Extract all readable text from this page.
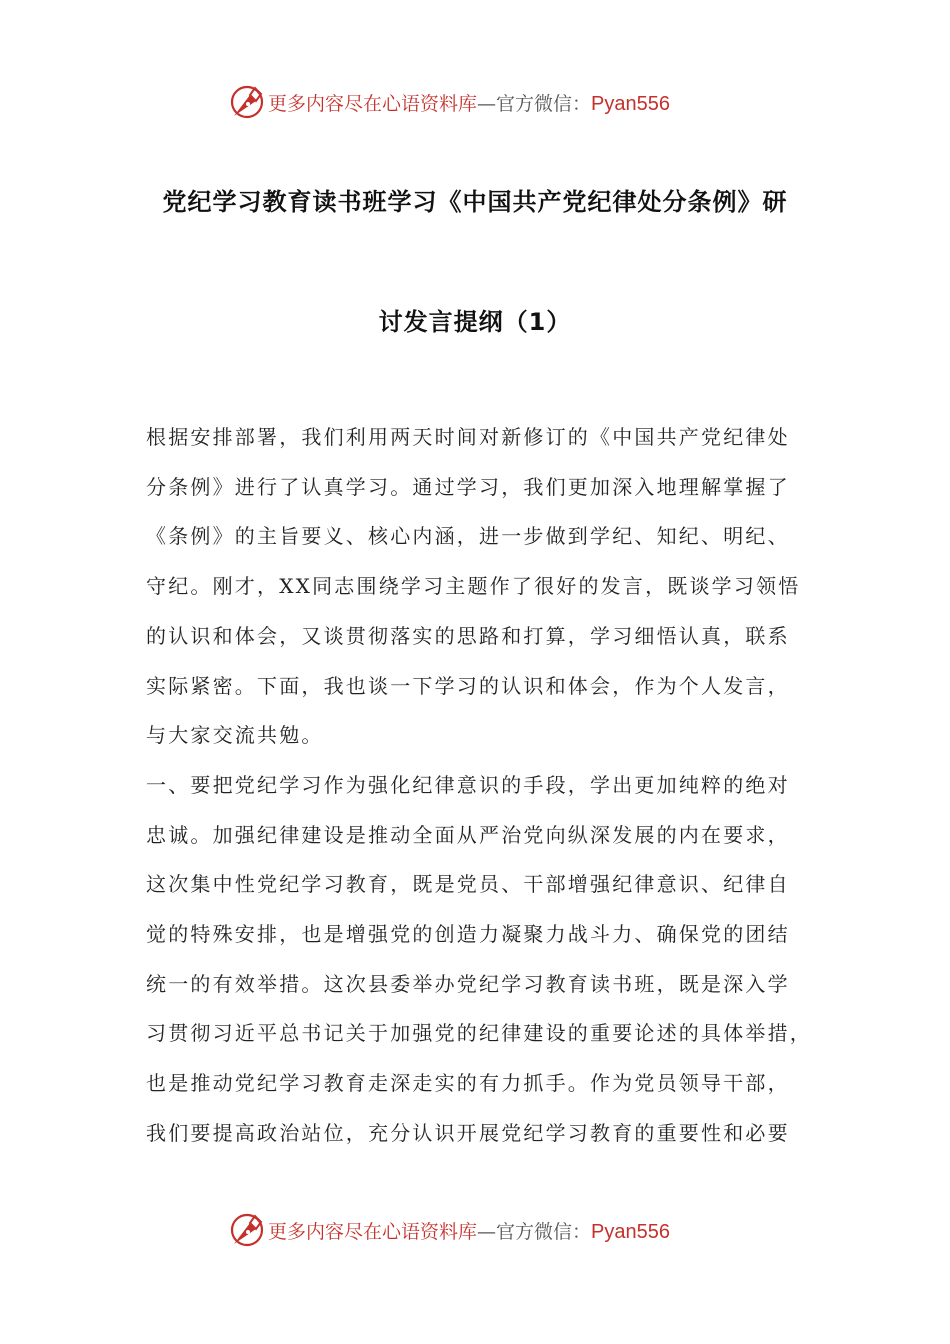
更多内容尽在心语资料库—官方微信：Pyan556
党纪学习教育读书班学习《中国共产党纪律处分条例》研
讨发言提纲（1）

根据安排部署，我们利用两天时间对新修订的《中国共产党纪律处

分条例》进行了认真学习。通过学习，我们更加深入地理解掌握了

《条例》的主旨要义、核心内涵，进一步做到学纪、知纪、明纪、

守纪。刚才，XX同志围绕学习主题作了很好的发言，既谈学习领悟

的认识和体会，又谈贯彻落实的思路和打算，学习细悟认真，联系

实际紧密。下面，我也谈一下学习的认识和体会，作为个人发言，

与大家交流共勉。

一、要把党纪学习作为强化纪律意识的手段，学出更加纯粹的绝对

忠诚。加强纪律建设是推动全面从严治党向纵深发展的内在要求，

这次集中性党纪学习教育，既是党员、干部增强纪律意识、纪律自

觉的特殊安排，也是增强党的创造力凝聚力战斗力、确保党的团结

统一的有效举措。这次县委举办党纪学习教育读书班，既是深入学

习贯彻习近平总书记关于加强党的纪律建设的重要论述的具体举措，

也是推动党纪学习教育走深走实的有力抓手。作为党员领导干部，

我们要提高政治站位，充分认识开展党纪学习教育的重要性和必要

更多内容尽在心语资料库—官方微信：Pyan556
